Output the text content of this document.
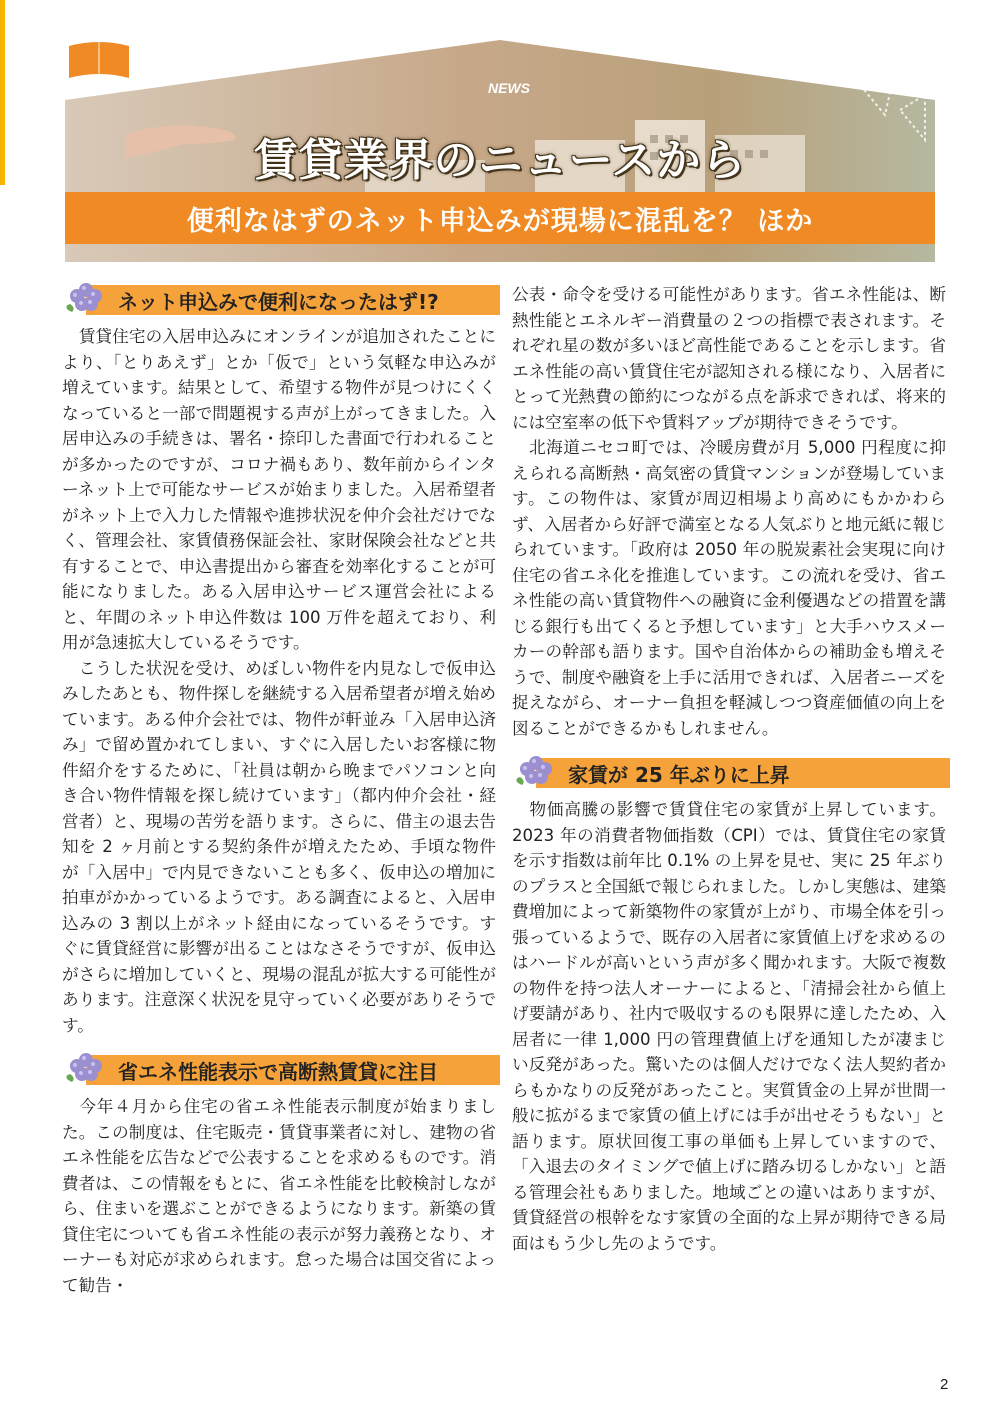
NEWS
賃貸業界のニュースから
便利なはずのネット申込みが現場に混乱を？ ほか
ネット申込みで便利になったはず!?

賃貸住宅の入居申込みにオンラインが追加されたことにより、「とりあえず」とか「仮で」という気軽な申込みが増えています。結果として、希望する物件が見つけにくくなっていると一部で問題視する声が上がってきました。入居申込みの手続きは、署名・捺印した書面で行われることが多かったのですが、コロナ禍もあり、数年前からインターネット上で可能なサービスが始まりました。入居希望者がネット上で入力した情報や進捗状況を仲介会社だけでなく、管理会社、家賃債務保証会社、家財保険会社などと共有することで、申込書提出から審査を効率化することが可能になりました。ある入居申込サービス運営会社によると、年間のネット申込件数は 100 万件を超えており、利用が急速拡大しているそうです。

こうした状況を受け、めぼしい物件を内見なしで仮申込みしたあとも、物件探しを継続する入居希望者が増え始めています。ある仲介会社では、物件が軒並み「入居申込済み」で留め置かれてしまい、すぐに入居したいお客様に物件紹介をするために、「社員は朝から晩までパソコンと向き合い物件情報を探し続けています」（都内仲介会社・経営者）と、現場の苦労を語ります。さらに、借主の退去告知を 2 ヶ月前とする契約条件が増えたため、手頃な物件が「入居中」で内見できないことも多く、仮申込の増加に拍車がかかっているようです。ある調査によると、入居申込みの 3 割以上がネット経由になっているそうです。すぐに賃貸経営に影響が出ることはなさそうですが、仮申込がさらに増加していくと、現場の混乱が拡大する可能性があります。注意深く状況を見守っていく必要がありそうです。

省エネ性能表示で高断熱賃貸に注目

今年４月から住宅の省エネ性能表示制度が始まりました。この制度は、住宅販売・賃貸事業者に対し、建物の省エネ性能を広告などで公表することを求めるものです。消費者は、この情報をもとに、省エネ性能を比較検討しながら、住まいを選ぶことができるようになります。新築の賃貸住宅についても省エネ性能の表示が努力義務となり、オーナーも対応が求められます。怠った場合は国交省によって勧告・

公表・命令を受ける可能性があります。省エネ性能は、断熱性能とエネルギー消費量の２つの指標で表されます。それぞれ星の数が多いほど高性能であることを示します。省エネ性能の高い賃貸住宅が認知される様になり、入居者にとって光熱費の節約につながる点を訴求できれば、将来的には空室率の低下や賃料アップが期待できそうです。

北海道ニセコ町では、冷暖房費が月 5,000 円程度に抑えられる高断熱・高気密の賃貸マンションが登場しています。この物件は、家賃が周辺相場より高めにもかかわらず、入居者から好評で満室となる人気ぶりと地元紙に報じられています。「政府は 2050 年の脱炭素社会実現に向け住宅の省エネ化を推進しています。この流れを受け、省エネ性能の高い賃貸物件への融資に金利優遇などの措置を講じる銀行も出てくると予想しています」と大手ハウスメーカーの幹部も語ります。国や自治体からの補助金も増えそうで、制度や融資を上手に活用できれば、入居者ニーズを捉えながら、オーナー負担を軽減しつつ資産価値の向上を図ることができるかもしれません。

家賃が 25 年ぶりに上昇

物価高騰の影響で賃貸住宅の家賃が上昇しています。2023 年の消費者物価指数（CPI）では、賃貸住宅の家賃を示す指数は前年比 0.1% の上昇を見せ、実に 25 年ぶりのプラスと全国紙で報じられました。しかし実態は、建築費増加によって新築物件の家賃が上がり、市場全体を引っ張っているようで、既存の入居者に家賃値上げを求めるのはハードルが高いという声が多く聞かれます。大阪で複数の物件を持つ法人オーナーによると、「清掃会社から値上げ要請があり、社内で吸収するのも限界に達したため、入居者に一律 1,000 円の管理費値上げを通知したが凄まじい反発があった。驚いたのは個人だけでなく法人契約者からもかなりの反発があったこと。実質賃金の上昇が世間一般に拡がるまで家賃の値上げには手が出せそうもない」と語ります。原状回復工事の単価も上昇していますので、「入退去のタイミングで値上げに踏み切るしかない」と語る管理会社もありました。地域ごとの違いはありますが、賃貸経営の根幹をなす家賃の全面的な上昇が期待できる局面はもう少し先のようです。

2
